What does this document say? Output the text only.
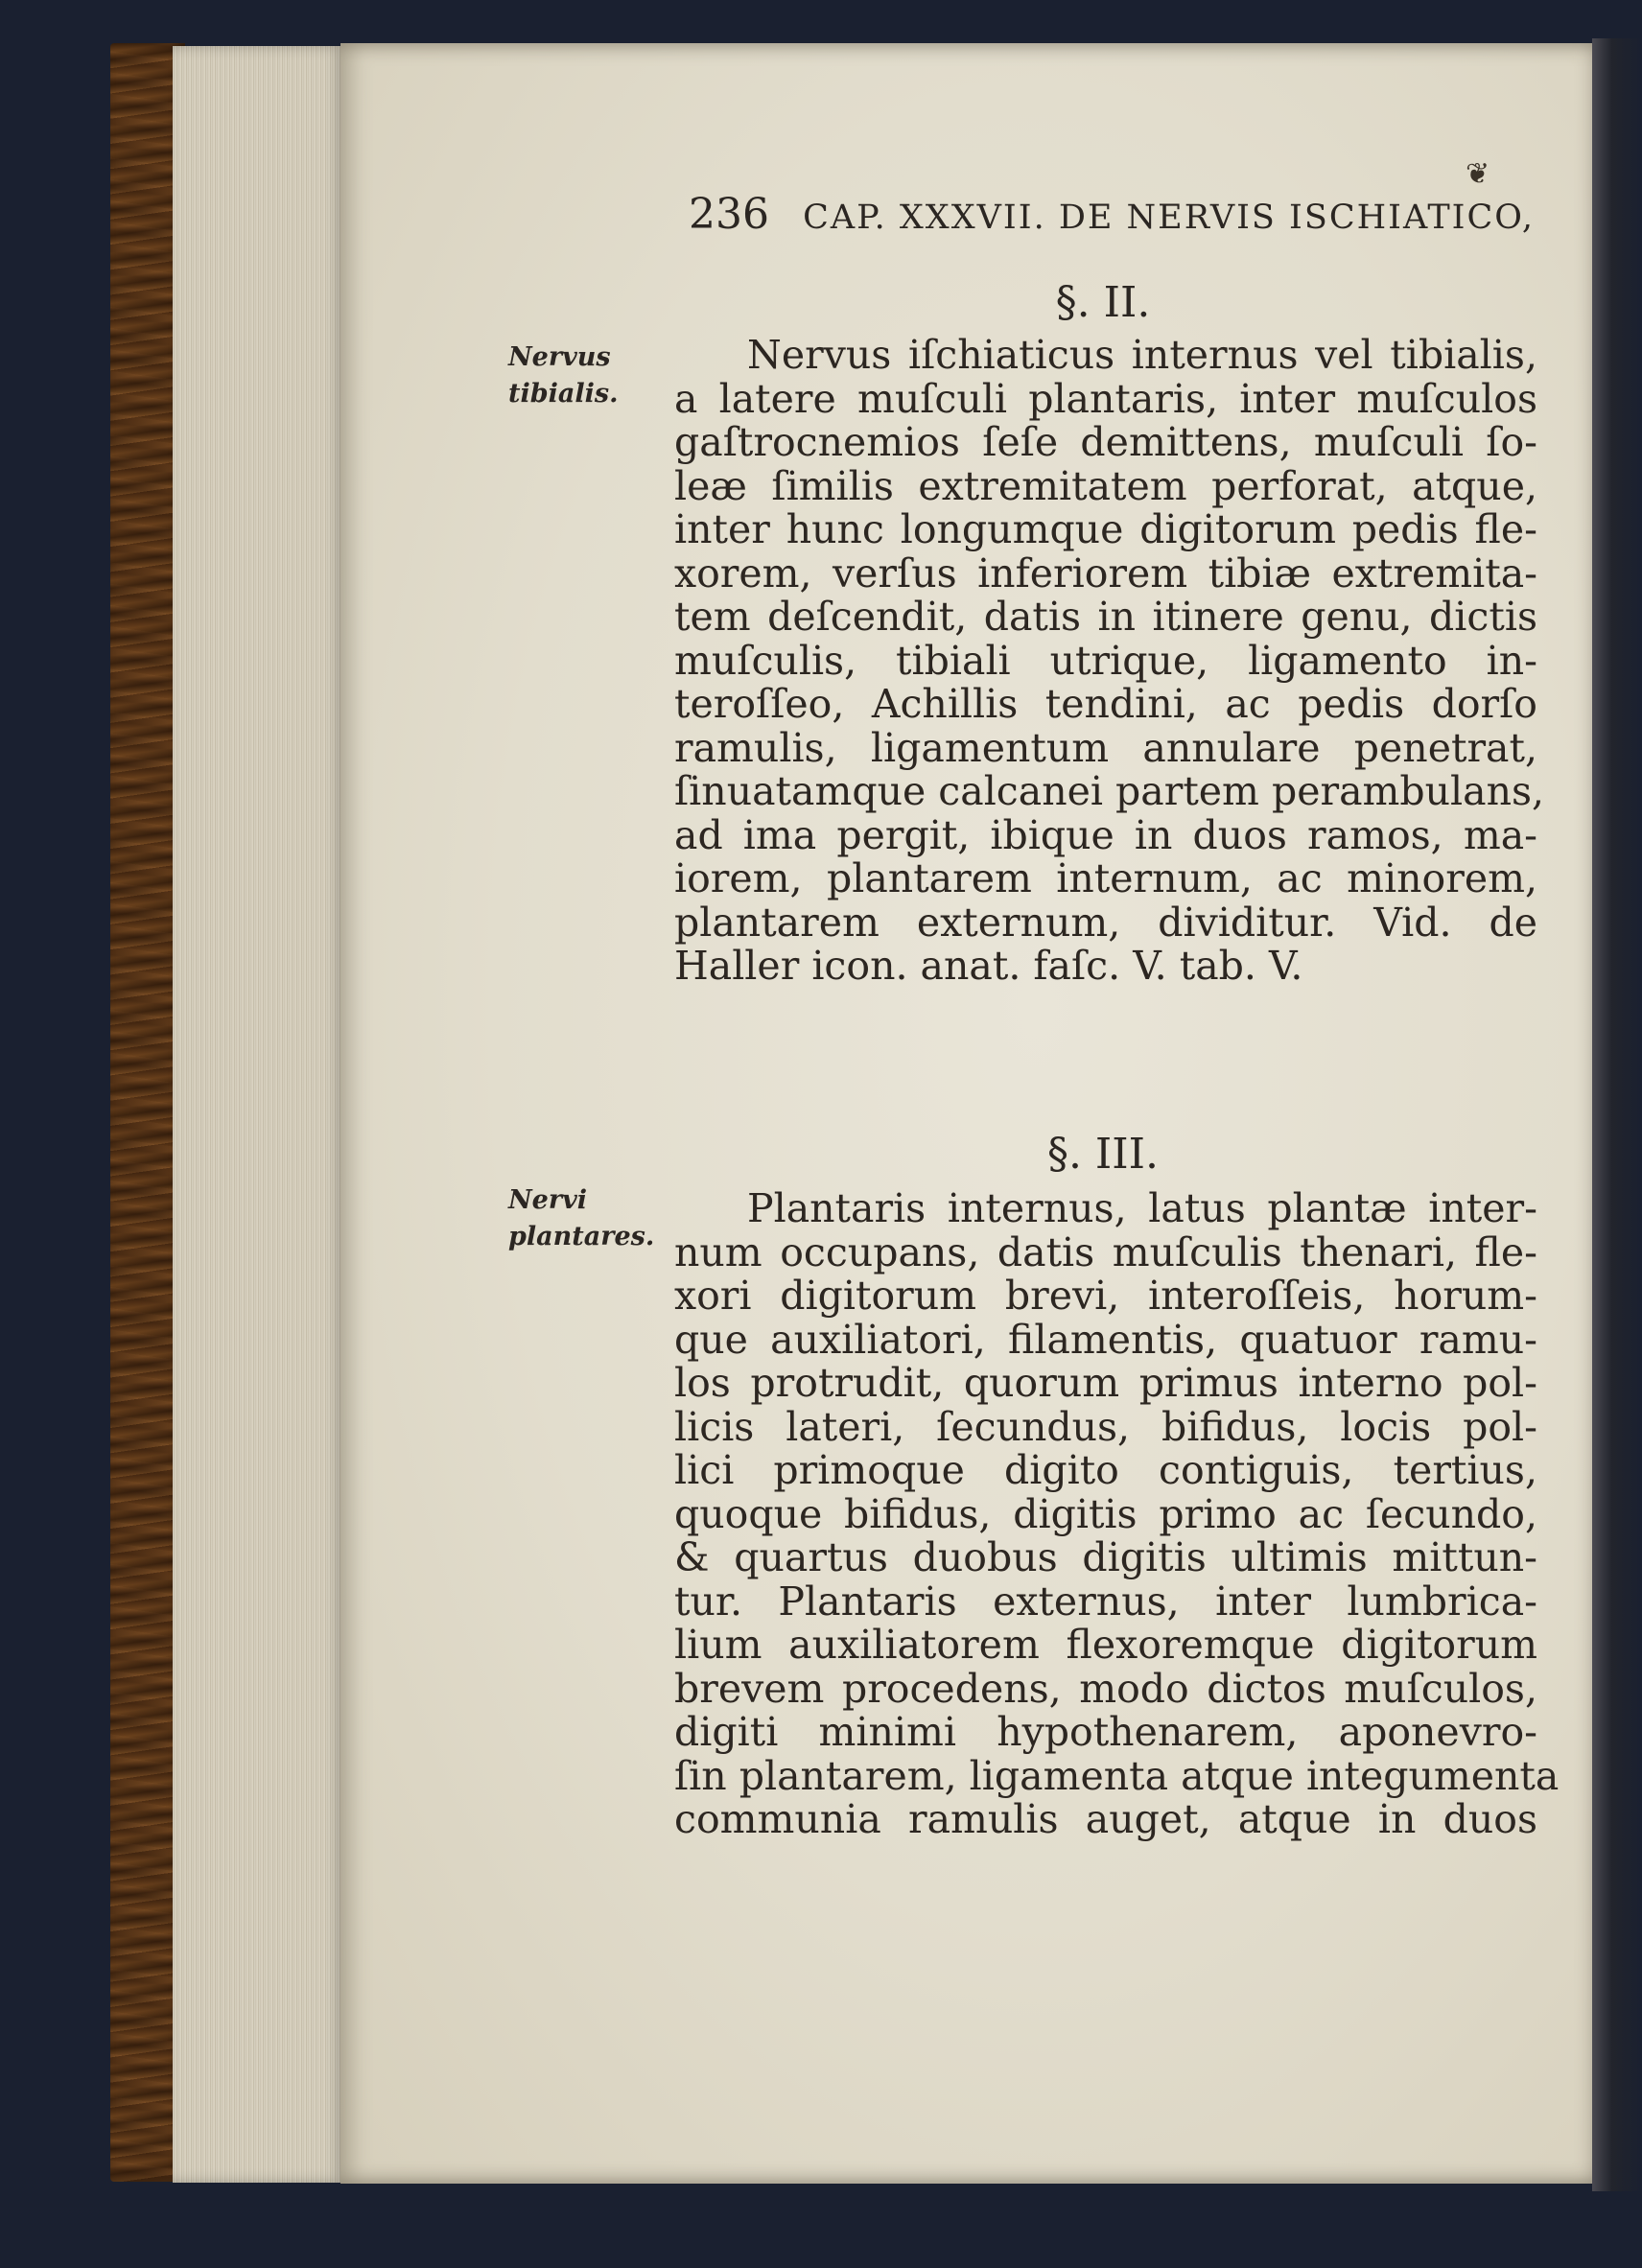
❦
236 CAP. XXXVII. DE NERVIS ISCHIATICO,
§. II.
Nervus
tibialis.
Nervus iſchiaticus internus vel tibialis,
a latere muſculi plantaris, inter muſculos
gaſtrocnemios ſeſe demittens, muſculi ſo-
leæ ſimilis extremitatem perforat, atque,
inter hunc longumque digitorum pedis fle-
xorem, verſus inferiorem tibiæ extremita-
tem deſcendit, datis in itinere genu, dictis
muſculis, tibiali utrique, ligamento in-
teroſſeo, Achillis tendini, ac pedis dorſo
ramulis, ligamentum annulare penetrat,
ſinuatamque calcanei partem perambulans,
ad ima pergit, ibique in duos ramos, ma-
iorem, plantarem internum, ac minorem,
plantarem externum, dividitur. Vid. de
Haller icon. anat. faſc. V. tab. V.
§. III.
Nervi
plantares.
Plantaris internus, latus plantæ inter-
num occupans, datis muſculis thenari, fle-
xori digitorum brevi, interoſſeis, horum-
que auxiliatori, filamentis, quatuor ramu-
los protrudit, quorum primus interno pol-
licis lateri, ſecundus, bifidus, locis pol-
lici primoque digito contiguis, tertius,
quoque bifidus, digitis primo ac ſecundo,
& quartus duobus digitis ultimis mittun-
tur. Plantaris externus, inter lumbrica-
lium auxiliatorem flexoremque digitorum
brevem procedens, modo dictos muſculos,
digiti minimi hypothenarem, aponevro-
ſin plantarem, ligamenta atque integumenta
communia ramulis auget, atque in duos
